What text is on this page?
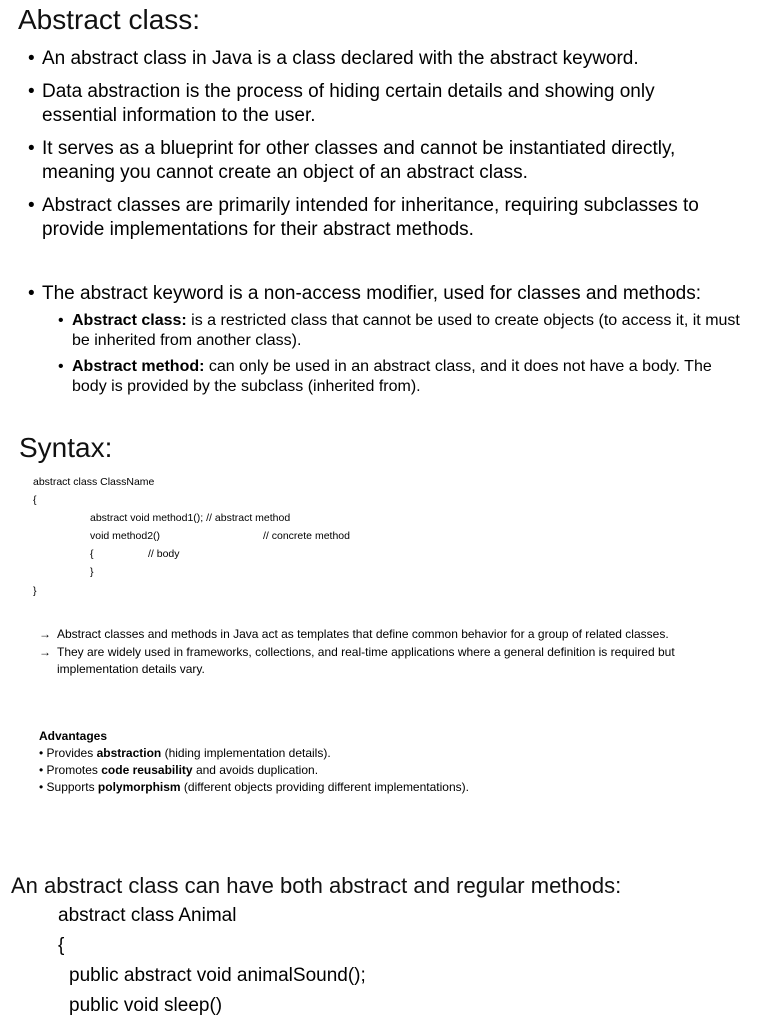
Abstract class:
• An abstract class in Java is a class declared with the abstract keyword.
• Data abstraction is the process of hiding certain details and showing only essential information to the user.
• It serves as a blueprint for other classes and cannot be instantiated directly, meaning you cannot create an object of an abstract class.
• Abstract classes are primarily intended for inheritance, requiring subclasses to provide implementations for their abstract methods.
• The abstract keyword is a non-access modifier, used for classes and methods:
• Abstract class: is a restricted class that cannot be used to create objects (to access it, it must be inherited from another class).
• Abstract method: can only be used in an abstract class, and it does not have a body. The body is provided by the subclass (inherited from).
Syntax:
abstract class ClassName
{
abstract void method1(); // abstract method
void method2()	// concrete method
{	// body
}
}
→ Abstract classes and methods in Java act as templates that define common behavior for a group of related classes.
→ They are widely used in frameworks, collections, and real-time applications where a general definition is required but implementation details vary.
Advantages
• Provides abstraction (hiding implementation details).
• Promotes code reusability and avoids duplication.
• Supports polymorphism (different objects providing different implementations).
An abstract class can have both abstract and regular methods:
abstract class Animal
{
public abstract void animalSound();
public void sleep()
